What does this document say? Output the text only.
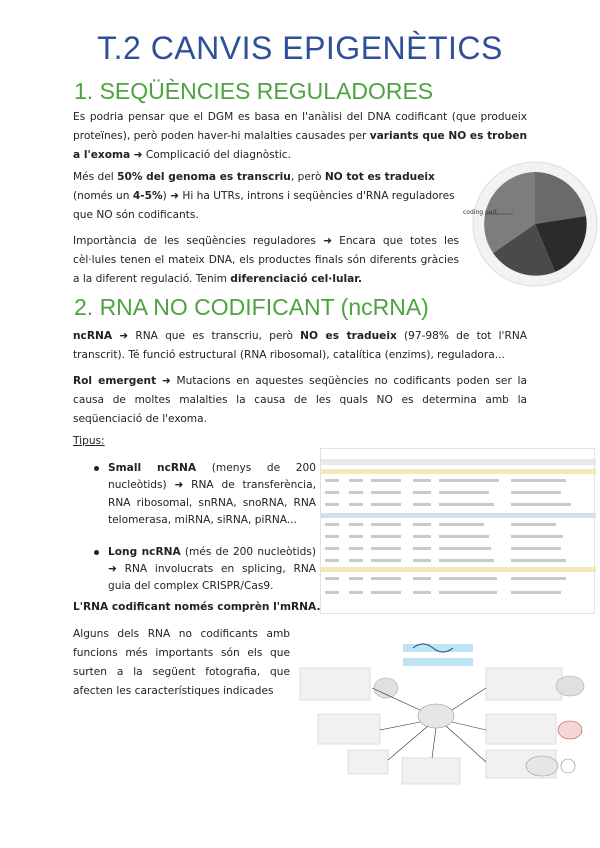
T.2 CANVIS EPIGENÈTICS
1. SEQÜÈNCIES REGULADORES
Es podria pensar que el DGM es basa en l'anàlisi del DNA codificant (que produeix proteïnes), però poden haver-hi malalties causades per variants que NO es troben a l'exoma ➜ Complicació del diagnòstic.
Més del 50% del genoma es transcriu, però NO tot es tradueix (només un 4-5%) ➜ Hi ha UTRs, introns i seqüències d'RNA reguladores que NO són codificants.
Importància de les seqüències reguladores ➜ Encara que totes les cèl·lules tenen el mateix DNA, els productes finals són diferents gràcies a la diferent regulació. Tenim diferenciació cel·lular.
coding part
2. RNA NO CODIFICANT (ncRNA)
ncRNA ➜ RNA que es transcriu, però NO es tradueix (97-98% de tot l'RNA transcrit). Té funció estructural (RNA ribosomal), catalítica (enzims), reguladora...
Rol emergent ➜ Mutacions en aquestes seqüències no codificants poden ser la causa de moltes malalties la causa de les quals NO es determina amb la seqüenciació de l'exoma.
Tipus:
Small ncRNA (menys de 200 nucleòtids) ➜ RNA de transferència, RNA ribosomal, snRNA, snoRNA, RNA telomerasa, miRNA, siRNA, piRNA...
Long ncRNA (més de 200 nucleòtids) ➜ RNA involucrats en splicing, RNA guia del complex CRISPR/Cas9.
L'RNA codificant només comprèn l'mRNA.
Alguns dels RNA no codificants amb funcions més importants són els que surten a la següent fotografia, que afecten les característiques indicades
